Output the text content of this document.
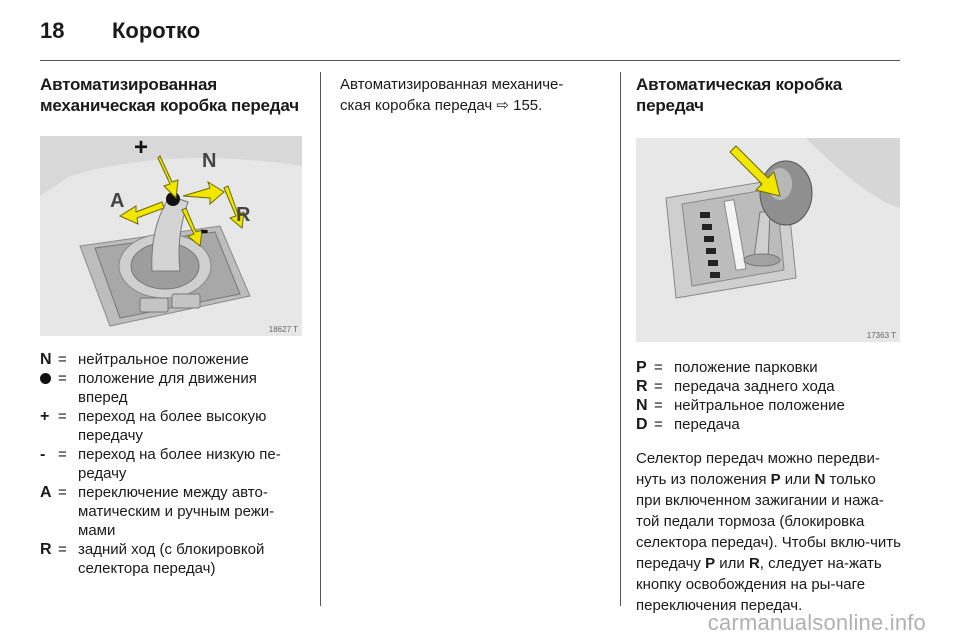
18	Коротко
Автоматизированная
механическая коробка передач
+	N
A
R
-
18627 T
N = нейтральное положение
= положение для движения вперед
+ = переход на более высокую передачу
- = переход на более низкую пе-редачу
A = переключение между авто-матическим и ручным режи-мами
R = задний ход (с блокировкой селектора передач)

Автоматизированная механиче-
ская коробка передач ⇨ 155.

Автоматическая коробка
передач
17363 T
P = положение парковки
R = передача заднего хода
N = нейтральное положение
D = передача

Селектор передач можно передви-нуть из положения P или N только при включенном зажигании и нажа-той педали тормоза (блокировка селектора передач). Чтобы вклю-чить передачу P или R, следует на-жать кнопку освобождения на ры-чаге переключения передач.

carmanualsonline.info
